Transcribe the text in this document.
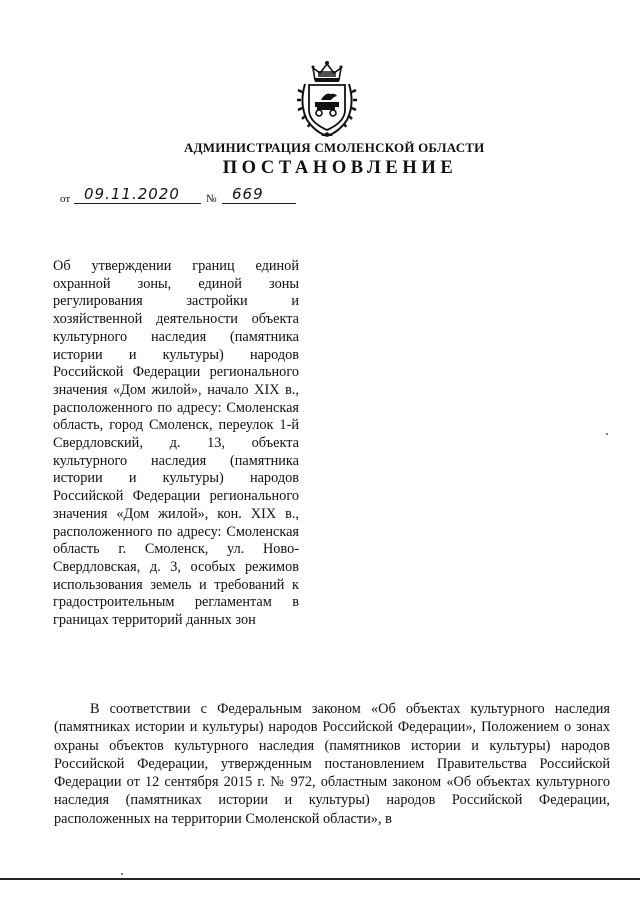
АДМИНИСТРАЦИЯ СМОЛЕНСКОЙ ОБЛАСТИ
ПОСТАНОВЛЕНИЕ
от 09.11.2020 № 669
Об утверждении границ единой охранной зоны, единой зоны регулирования застройки и хозяйственной деятельности объекта культурного наследия (памятника истории и культуры) народов Российской Федерации регионального значения «Дом жилой», начало XIX в., расположенного по адресу: Смоленская область, город Смоленск, переулок 1-й Свердловский, д. 13, объекта культурного наследия (памятника истории и культуры) народов Российской Федерации регионального значения «Дом жилой», кон. XIX в., расположенного по адресу: Смоленская область г. Смоленск, ул. Ново-Свердловская, д. 3, особых режимов использования земель и требований к градостроительным регламентам в границах территорий данных зон
В соответствии с Федеральным законом «Об объектах культурного наследия (памятниках истории и культуры) народов Российской Федерации», Положением о зонах охраны объектов культурного наследия (памятников истории и культуры) народов Российской Федерации, утвержденным постановлением Правительства Российской Федерации от 12 сентября 2015 г. № 972, областным законом «Об объектах культурного наследия (памятниках истории и культуры) народов Российской Федерации, расположенных на территории Смоленской области», в
